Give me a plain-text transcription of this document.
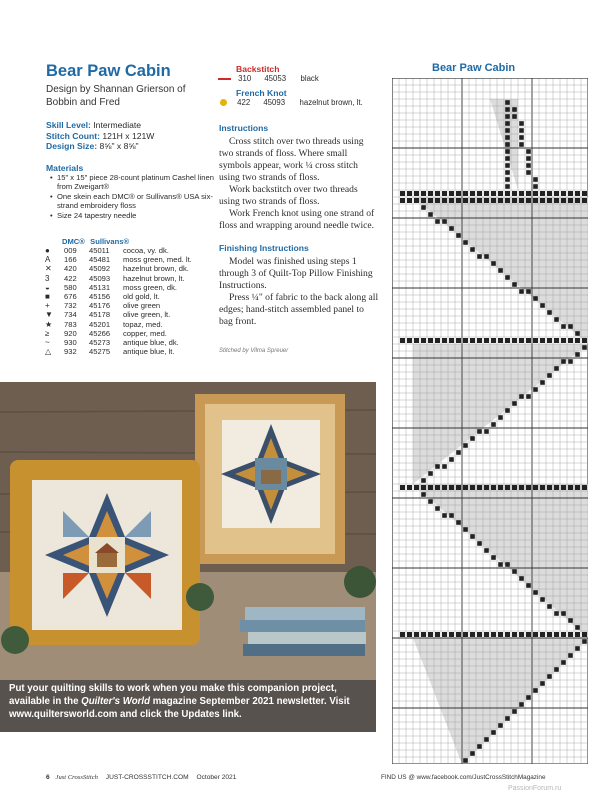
Bear Paw Cabin
Design by Shannan Grierson of Bobbin and Fred
Skill Level: Intermediate
Stitch Count: 121H x 121W
Design Size: 8⅝" x 8⅝"
Materials
• 15" x 15" piece 28-count platinum Cashel linen from Zweigart®
• One skein each DMC® or Sullivans® USA six-strand embroidery floss
• Size 24 tapestry needle
DMC® Sullivans®
●	009	45011	cocoa, vy. dk.
A	166	45481	moss green, med. lt.
✕	420	45092	hazelnut brown, dk.
3	422	45093	hazelnut brown, lt.
◒	580	45131	moss green, dk.
■	676	45156	old gold, lt.
+	732	45176	olive green
▼	734	45178	olive green, lt.
★	783	45201	topaz, med.
≥	920	45266	copper, med.
~	930	45273	antique blue, dk.
△	932	45275	antique blue, lt.
Backstitch
310 45053 black
French Knot
422 45093 hazelnut brown, lt.
Instructions

Cross stitch over two threads using two strands of floss. Where small symbols appear, work ¼ cross stitch using two strands of floss.

Work backstitch over two threads using two strands of floss.

Work French knot using one strand of floss and wrapping around needle twice.

Finishing Instructions

Model was finished using steps 1 through 3 of Quilt-Top Pillow Finishing Instructions.

Press ¼" of fabric to the back along all edges; hand-stitch assembled panel to bag front.

Stitched by Vilma Spreuer
Put your quilting skills to work when you make this companion project, available in the Quilter's World magazine September 2021 newsletter. Visit www.quiltersworld.com and click the Updates link.
Bear Paw Cabin
6 Just CrossStitch JUST-CROSSSTITCH.COM October 2021	FIND US @ www.facebook.com/JustCrossStitchMagazine
PassionForum.ru
